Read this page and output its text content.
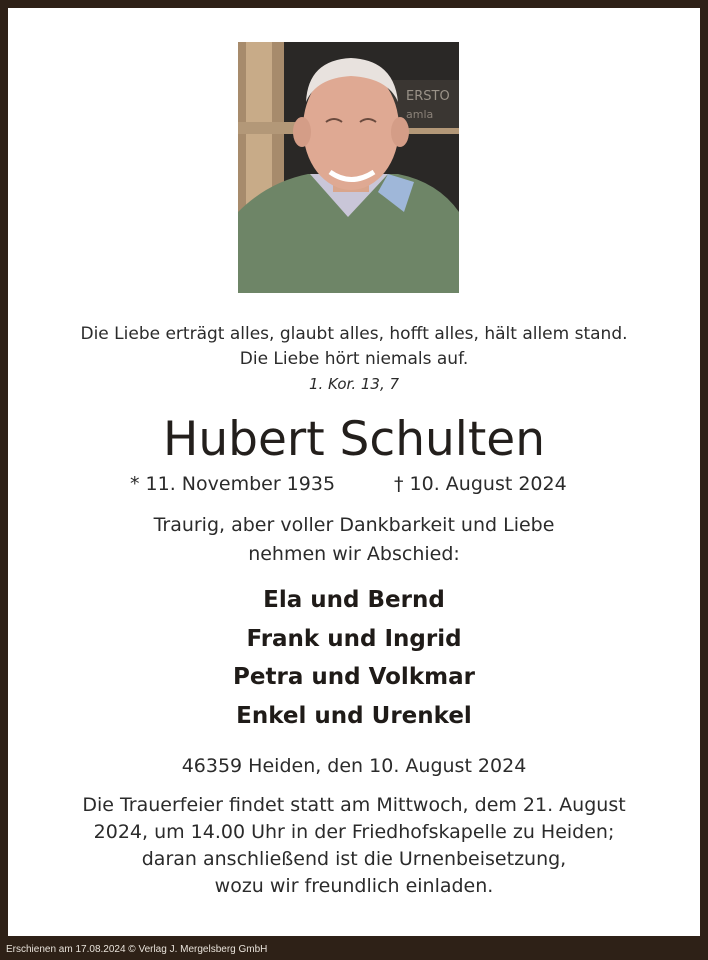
ERSTO
amla
Die Liebe erträgt alles, glaubt alles, hofft alles, hält allem stand.
Die Liebe hört niemals auf.
1. Kor. 13, 7
Hubert Schulten
* 11. November 1935	† 10. August 2024
Traurig, aber voller Dankbarkeit und Liebe
nehmen wir Abschied:
Ela und Bernd
Frank und Ingrid
Petra und Volkmar
Enkel und Urenkel
46359 Heiden, den 10. August 2024
Die Trauerfeier findet statt am Mittwoch, dem 21. August
2024, um 14.00 Uhr in der Friedhofskapelle zu Heiden;
daran anschließend ist die Urnenbeisetzung,
wozu wir freundlich einladen.
Erschienen am 17.08.2024 © Verlag J. Mergelsberg GmbH
